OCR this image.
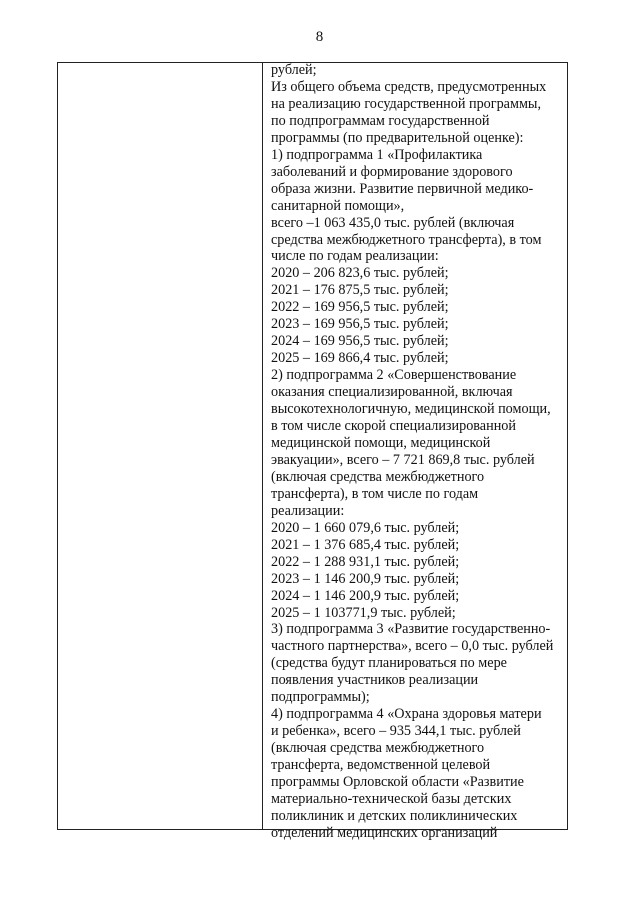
8
рублей;
Из общего объема средств, предусмотренных
на реализацию государственной программы,
по подпрограммам государственной
программы (по предварительной оценке):
1) подпрограмма 1 «Профилактика
заболеваний и формирование здорового
образа жизни. Развитие первичной медико-
санитарной помощи»,
всего –1 063 435,0 тыс. рублей (включая
средства межбюджетного трансферта), в том
числе по годам реализации:
2020 – 206 823,6 тыс. рублей;
2021 – 176 875,5 тыс. рублей;
2022 – 169 956,5 тыс. рублей;
2023 – 169 956,5 тыс. рублей;
2024 – 169 956,5 тыс. рублей;
2025 – 169 866,4 тыс. рублей;
2) подпрограмма 2 «Совершенствование
оказания специализированной, включая
высокотехнологичную, медицинской помощи,
в том числе скорой специализированной
медицинской помощи, медицинской
эвакуации», всего – 7 721 869,8 тыс. рублей
(включая средства межбюджетного
трансферта), в том числе по годам
реализации:
2020 – 1 660 079,6 тыс. рублей;
2021 – 1 376 685,4 тыс. рублей;
2022 – 1 288 931,1 тыс. рублей;
2023 – 1 146 200,9 тыс. рублей;
2024 – 1 146 200,9 тыс. рублей;
2025 – 1 103771,9 тыс. рублей;
3) подпрограмма 3 «Развитие государственно-
частного партнерства», всего – 0,0 тыс. рублей
(средства будут планироваться по мере
появления участников реализации
подпрограммы);
4) подпрограмма 4 «Охрана здоровья матери
и ребенка», всего – 935 344,1 тыс. рублей
(включая средства межбюджетного
трансферта, ведомственной целевой
программы Орловской области «Развитие
материально-технической базы детских
поликлиник и детских поликлинических
отделений медицинских организаций
